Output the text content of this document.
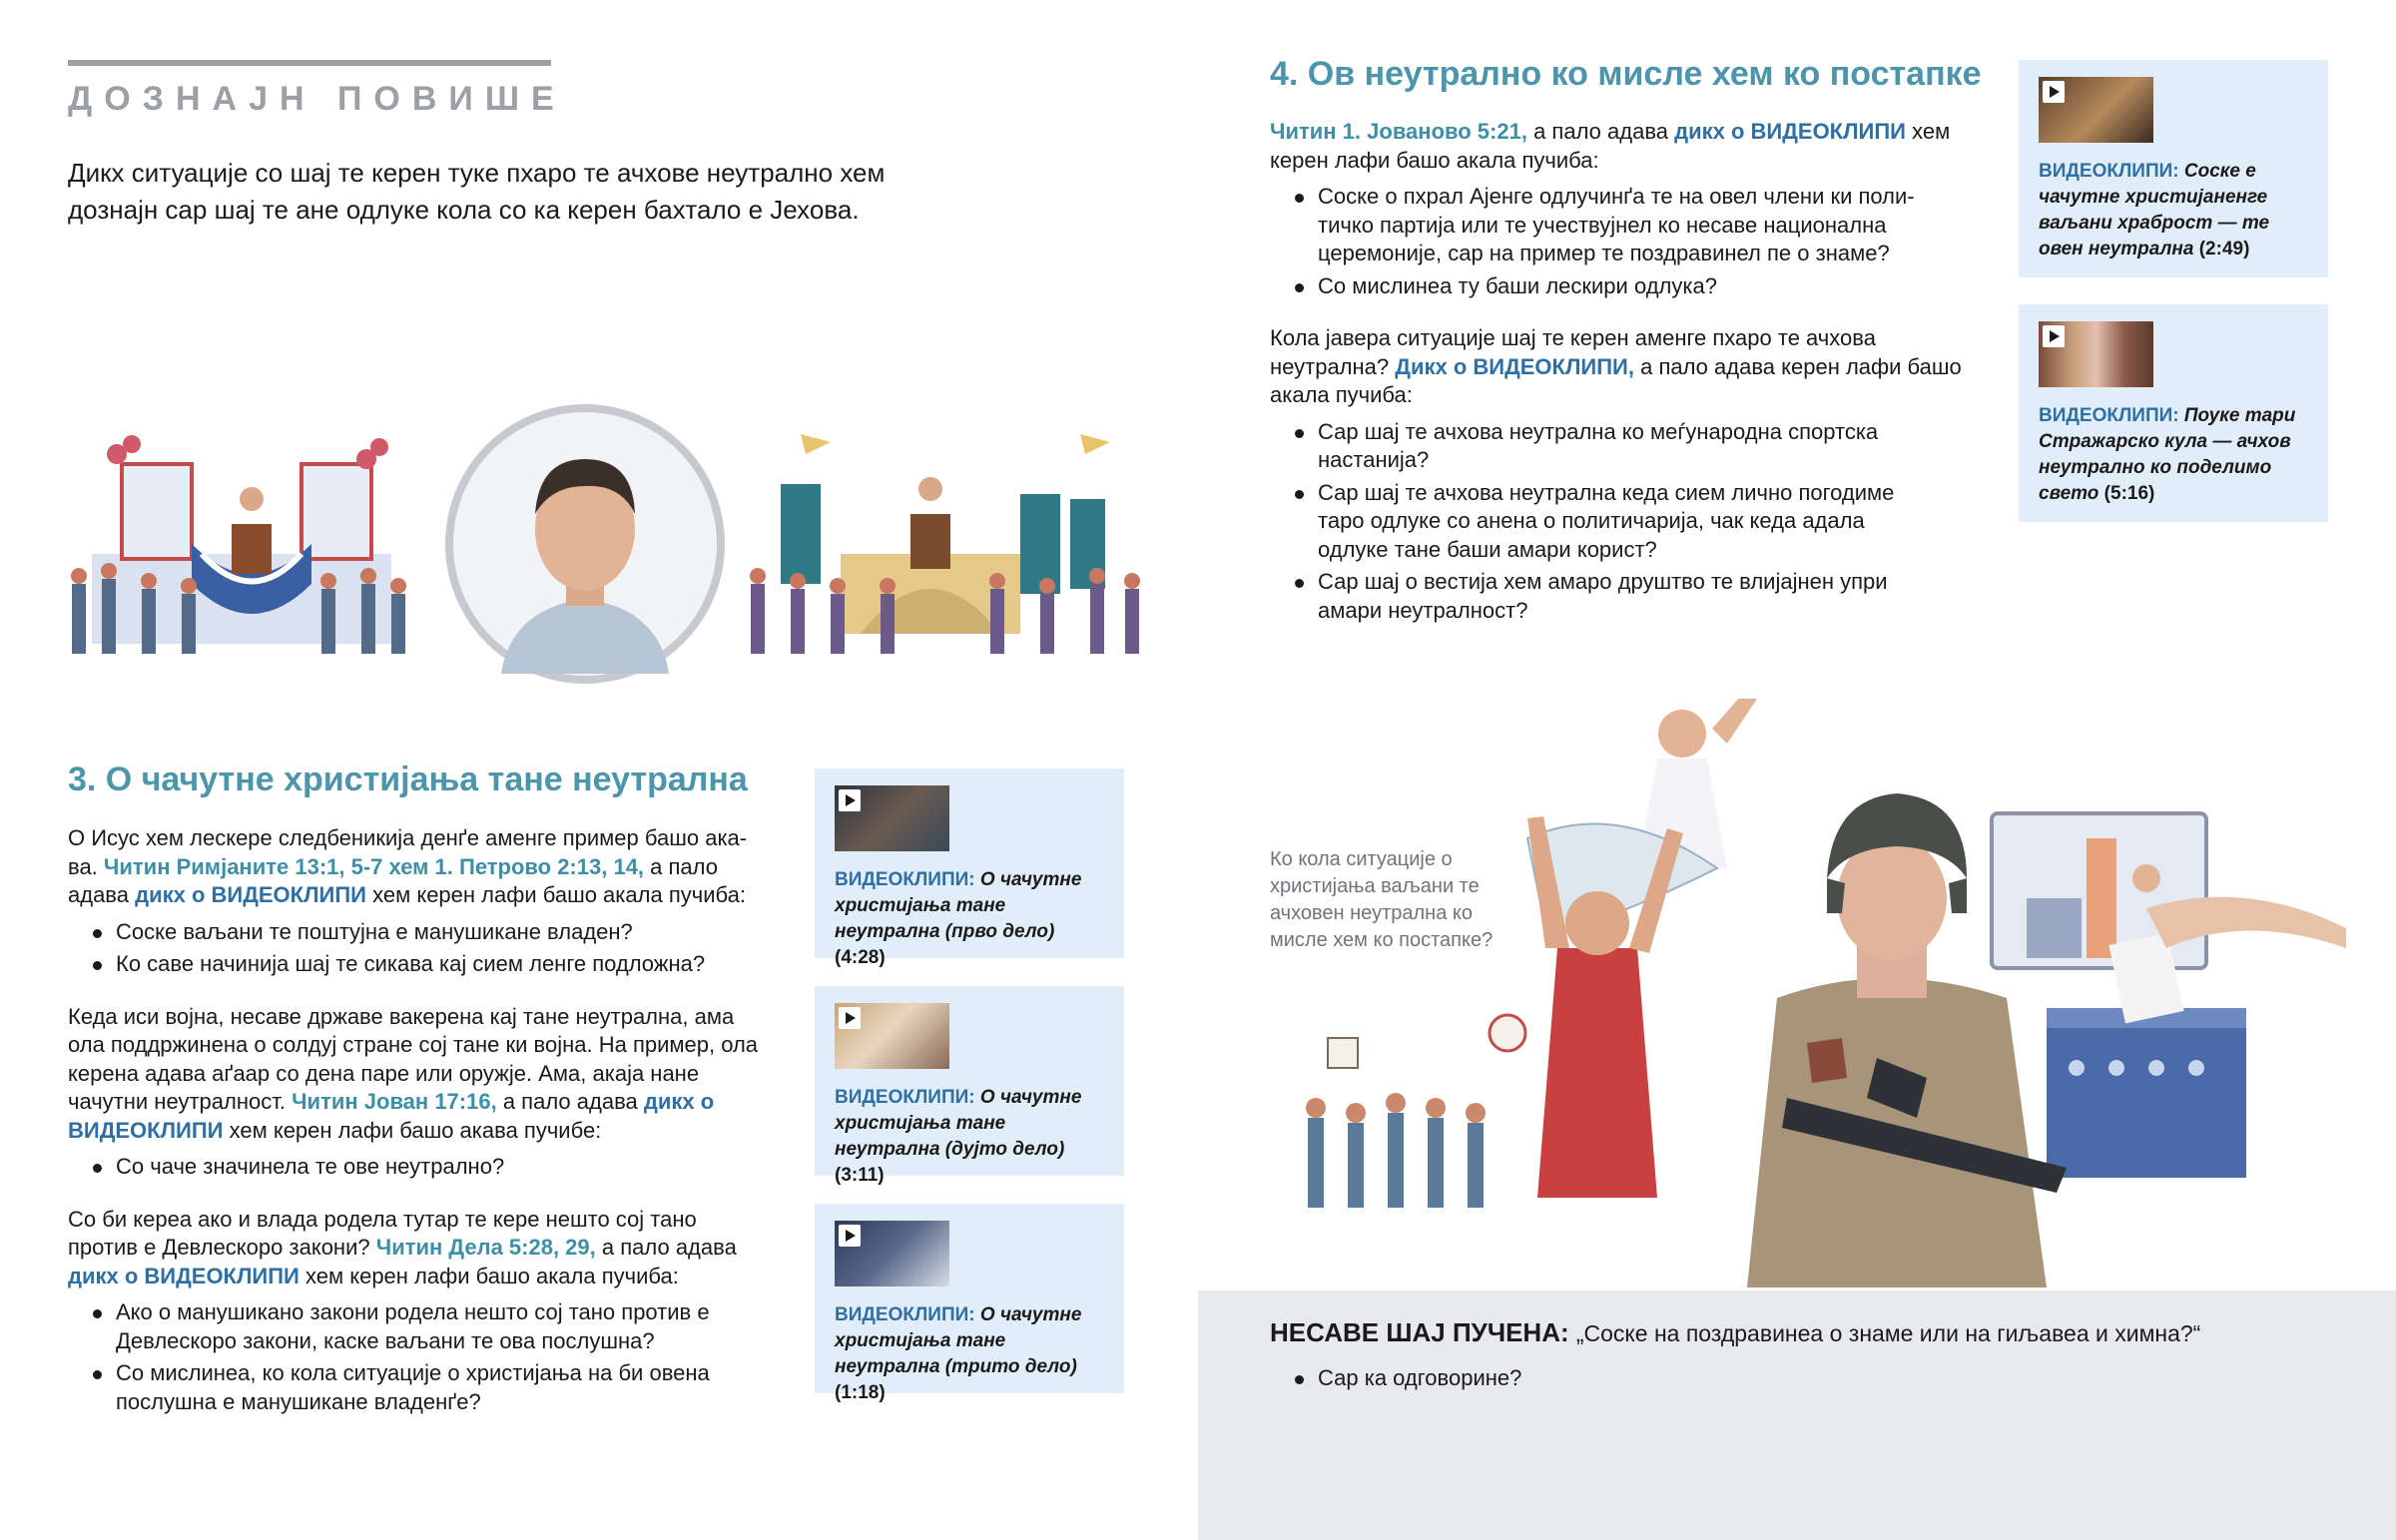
ДОЗНАЈН ПОВИШЕ
Дикх ситуације со шај те керен туке пхаро те ачхове неутрално хем дознајн сар шај те ане одлуке кола со ка керен бахтало е Јехова.
3. О чачутне христијања тане неутрална

О Исус хем лескере следбеникија денґе аменге пример башо ака-ва. Читин Римјаните 13:1, 5-7 хем 1. Петрово 2:13, 14, а пало адава дикх о ВИДЕОКЛИПИ хем керен лафи башо акала пучиба:

Соске ваљани те поштујна е манушикане владен?
Ко саве начинија шај те сикава кај сием ленге подложна?

Кеда иси војна, несаве државе вакерена кај тане неутрална, ама ола поддржинена о солдуј стране сој тане ки војна. На пример, ола керена адава аґаар со дена паре или оружје. Ама, акаја нане чачутни неутралност. Читин Јован 17:16, а пало адава дикх о ВИДЕОКЛИПИ хем керен лафи башо акава пучибе:

Со чаче значинела те ове неутрално?

Со би кереа ако и влада родела тутар те кере нешто сој тано против е Девлескоро закони? Читин Дела 5:28, 29, а пало адава дикх о ВИДЕОКЛИПИ хем керен лафи башо акала пучиба:

Ако о манушикано закони родела нешто сој тано против е Девлескоро закони, каске ваљани те ова послушна?
Со мислинеа, ко кола ситуације о христијања на би овена послушна е манушикане владенґе?
ВИДЕОКЛИПИ: О чачутне христијања тане неутрална (прво дело) (4:28)
ВИДЕОКЛИПИ: О чачутне христијања тане неутрална (дујто дело) (3:11)
ВИДЕОКЛИПИ: О чачутне христијања тане неутрална (трито дело) (1:18)
4. Ов неутрално ко мисле хем ко постапке

Читин 1. Јованово 5:21, а пало адава дикх о ВИДЕОКЛИПИ хем керен лафи башо акала пучиба:

Соске о пхрал Ајенге одлучинґа те на овел члени ки поли-тичко партија или те учествујнел ко несаве национална церемоније, сар на пример те поздравинел пе о знаме?
Со мислинеа ту баши лескири одлука?

Кола јавера ситуације шај те керен аменге пхаро те ачхова неутрална? Дикх о ВИДЕОКЛИПИ, а пало адава керен лафи башо акала пучиба:

Сар шај те ачхова неутрална ко меѓународна спортска настанија?
Сар шај те ачхова неутрална кеда сием лично погодиме таро одлуке со анена о политичарија, чак кеда адала одлуке тане баши амари корист?
Сар шај о вестија хем амаро друштво те влијајнен упри амари неутралност?
ВИДЕОКЛИПИ: Соске е чачутне христијаненге ваљани храброст — те овен неутрална (2:49)
ВИДЕОКЛИПИ: Поуке тари Стражарско кула — ачхов неутрално ко поделимо свето (5:16)
Ко кола ситуације о христијања ваљани те ачховен неутрална ко мисле хем ко постапке?
НЕСАВЕ ШАЈ ПУЧЕНА: „Соске на поздравинеа о знаме или на гиљавеа и химна?“
Сар ка одговорине?
